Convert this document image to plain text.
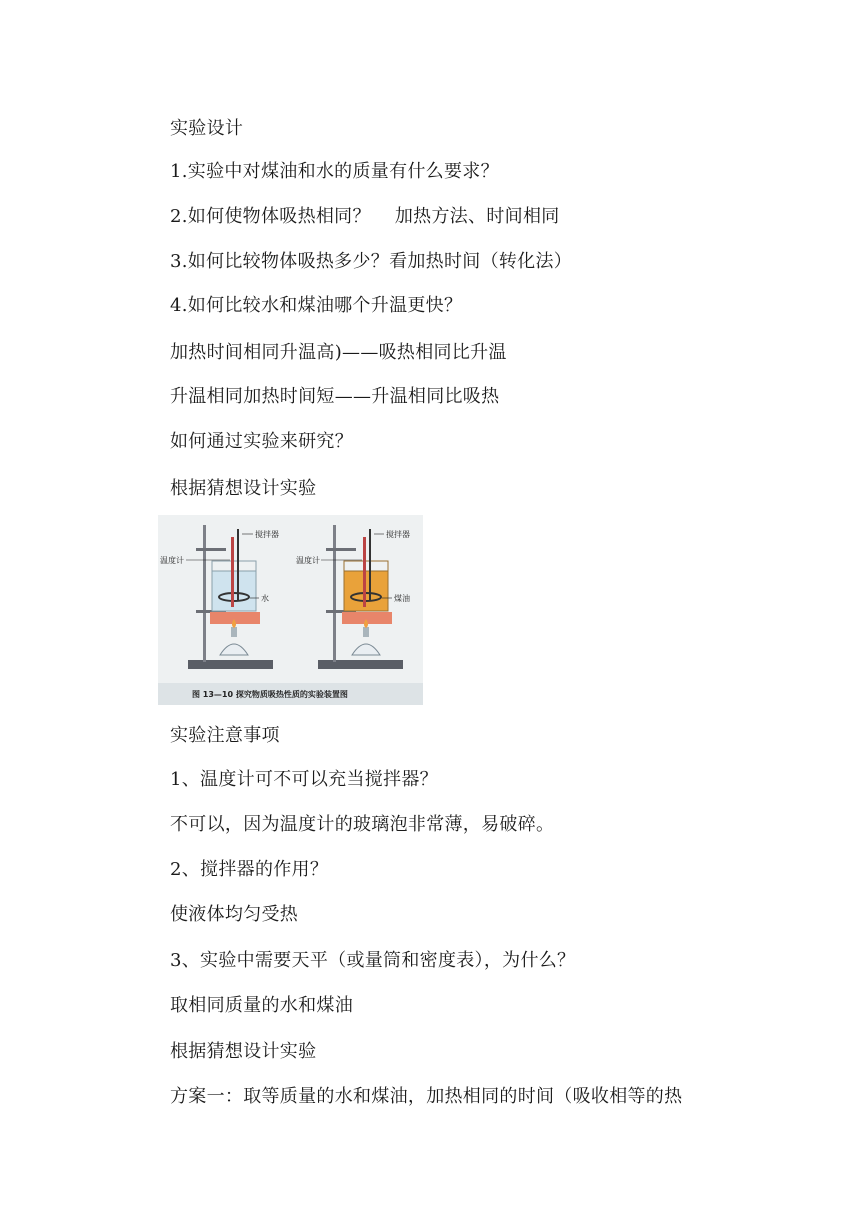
实验设计
1.实验中对煤油和水的质量有什么要求？
2.如何使物体吸热相同？    加热方法、时间相同
3.如何比较物体吸热多少？看加热时间（转化法）
4.如何比较水和煤油哪个升温更快？
加热时间相同升温高)——吸热相同比升温
升温相同加热时间短——升温相同比吸热
如何通过实验来研究？
根据猜想设计实验
搅拌器
温度计
水
搅拌器
温度计
煤油
图 13—10 探究物质吸热性质的实验装置图
实验注意事项
1、温度计可不可以充当搅拌器？
不可以，因为温度计的玻璃泡非常薄，易破碎。
2、搅拌器的作用？
使液体均匀受热
3、实验中需要天平（或量筒和密度表），为什么？
取相同质量的水和煤油
根据猜想设计实验
方案一：取等质量的水和煤油，加热相同的时间（吸收相等的热
